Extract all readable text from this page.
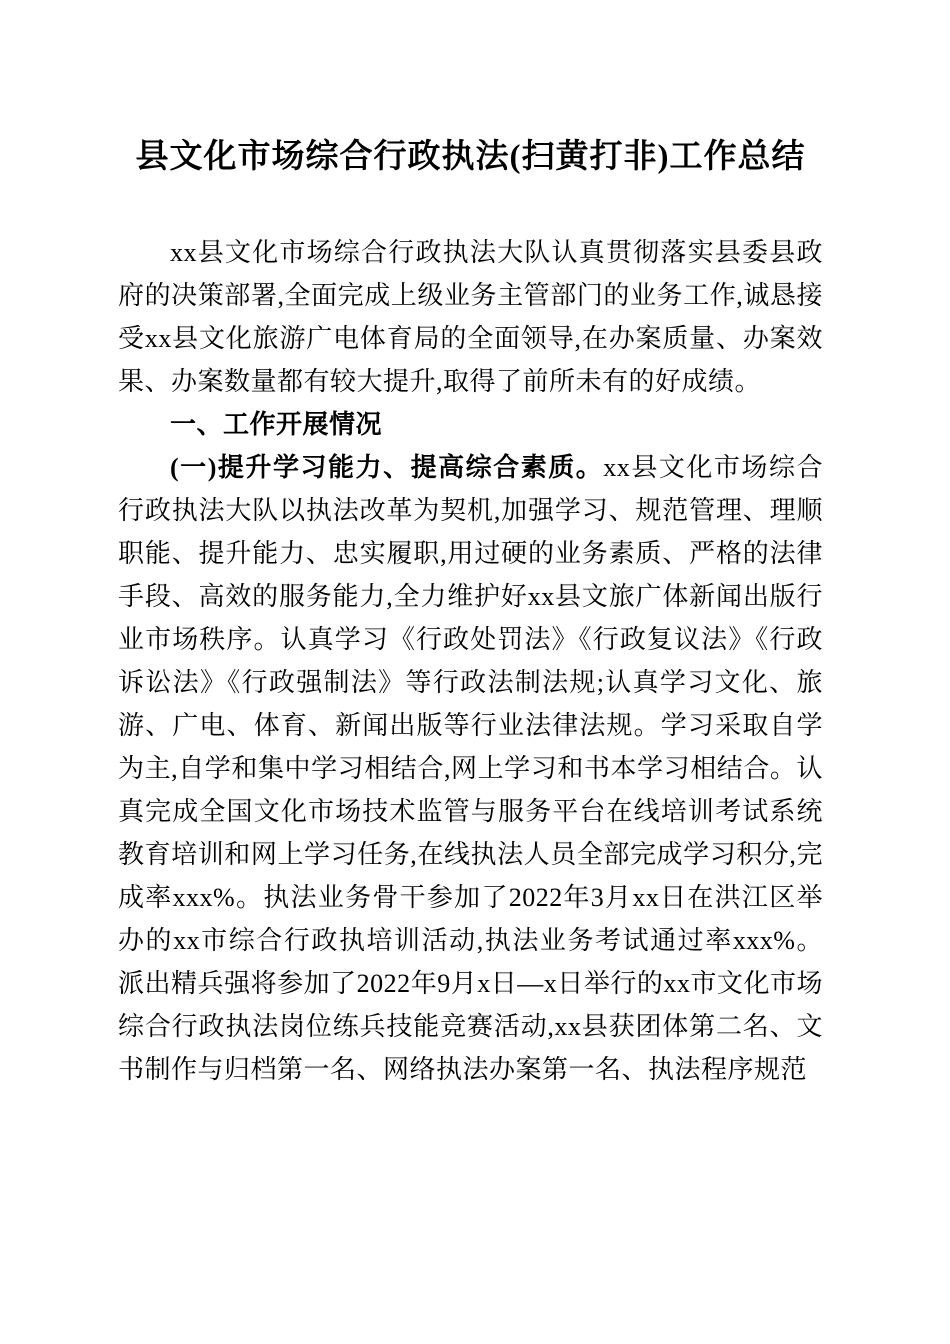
县文化市场综合行政执法(扫黄打非)工作总结

xx县文化市场综合行政执法大队认真贯彻落实县委县政府的决策部署,全面完成上级业务主管部门的业务工作,诚恳接受xx县文化旅游广电体育局的全面领导,在办案质量、办案效果、办案数量都有较大提升,取得了前所未有的好成绩。

一、工作开展情况

(一)提升学习能力、提高综合素质。xx县文化市场综合行政执法大队以执法改革为契机,加强学习、规范管理、理顺职能、提升能力、忠实履职,用过硬的业务素质、严格的法律手段、高效的服务能力,全力维护好xx县文旅广体新闻出版行业市场秩序。认真学习《行政处罚法》《行政复议法》《行政诉讼法》《行政强制法》等行政法制法规;认真学习文化、旅游、广电、体育、新闻出版等行业法律法规。学习采取自学为主,自学和集中学习相结合,网上学习和书本学习相结合。认真完成全国文化市场技术监管与服务平台在线培训考试系统教育培训和网上学习任务,在线执法人员全部完成学习积分,完成率xxx%。执法业务骨干参加了2022年3月xx日在洪江区举办的xx市综合行政执培训活动,执法业务考试通过率xxx%。派出精兵强将参加了2022年9月x日—x日举行的xx市文化市场综合行政执法岗位练兵技能竞赛活动,xx县获团体第二名、文书制作与归档第一名、网络执法办案第一名、执法程序规范
